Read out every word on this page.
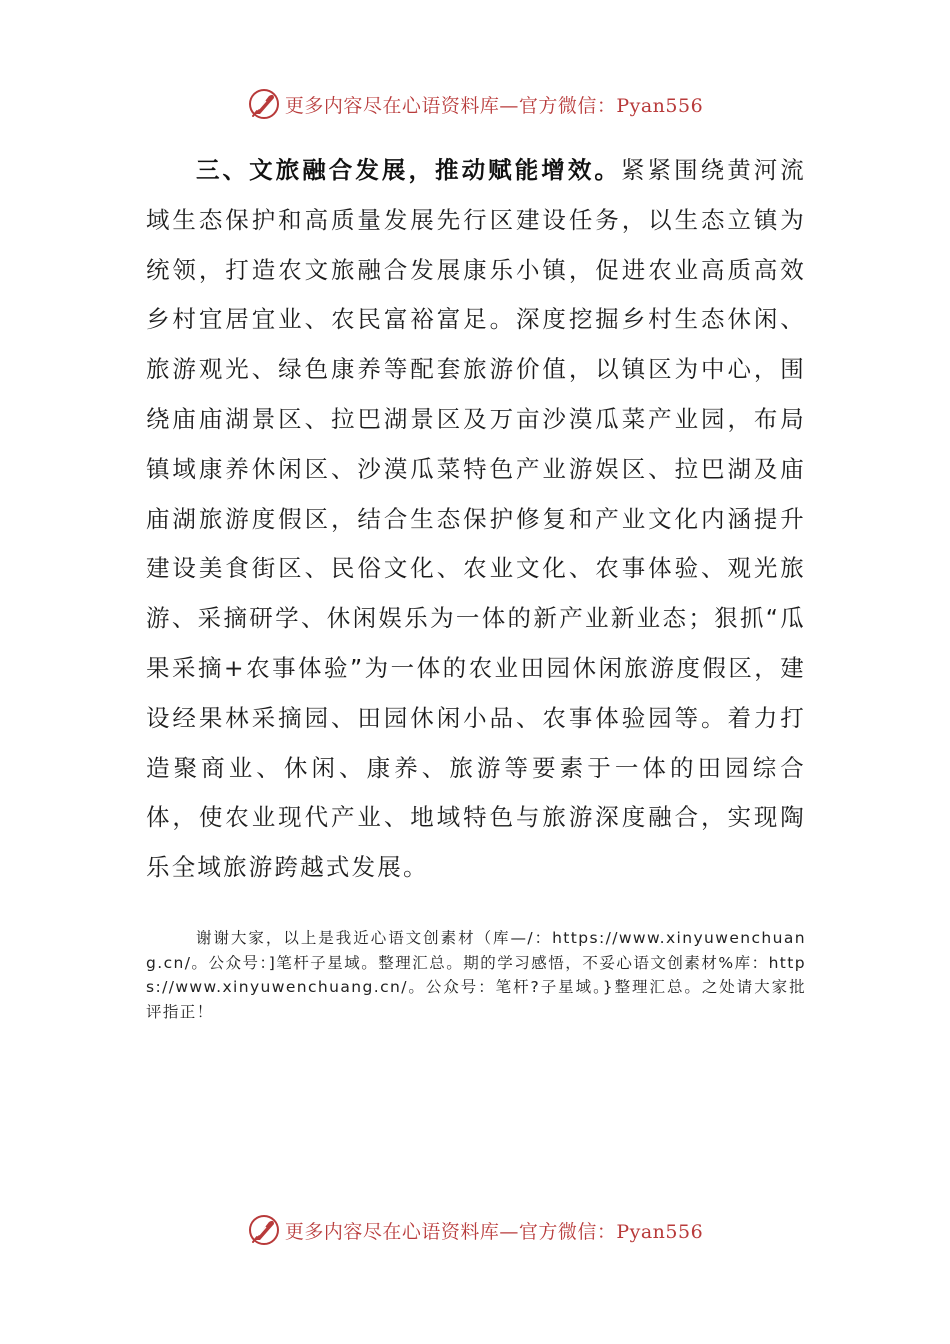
更多内容尽在心语资料库—官方微信：Pyan556

三、文旅融合发展，推动赋能增效。紧紧围绕黄河流域生态保护和高质量发展先行区建设任务，以生态立镇为统领，打造农文旅融合发展康乐小镇，促进农业高质高效乡村宜居宜业、农民富裕富足。深度挖掘乡村生态休闲、旅游观光、绿色康养等配套旅游价值，以镇区为中心，围绕庙庙湖景区、拉巴湖景区及万亩沙漠瓜菜产业园，布局镇域康养休闲区、沙漠瓜菜特色产业游娱区、拉巴湖及庙庙湖旅游度假区，结合生态保护修复和产业文化内涵提升建设美食街区、民俗文化、农业文化、农事体验、观光旅游、采摘研学、休闲娱乐为一体的新产业新业态；狠抓“瓜果采摘+农事体验”为一体的农业田园休闲旅游度假区，建设经果林采摘园、田园休闲小品、农事体验园等。着力打造聚商业、休闲、康养、旅游等要素于一体的田园综合体，使农业现代产业、地域特色与旅游深度融合，实现陶乐全域旅游跨越式发展。

谢谢大家，以上是我近心语文创素材（库—/：https://www.xinyuwenchuang.cn/。公众号：]笔杆子星域。整理汇总。期的学习感悟，不妥心语文创素材%库：https://www.xinyuwenchuang.cn/。公众号：笔杆?子星域。}整理汇总。之处请大家批评指正！

更多内容尽在心语资料库—官方微信：Pyan556
